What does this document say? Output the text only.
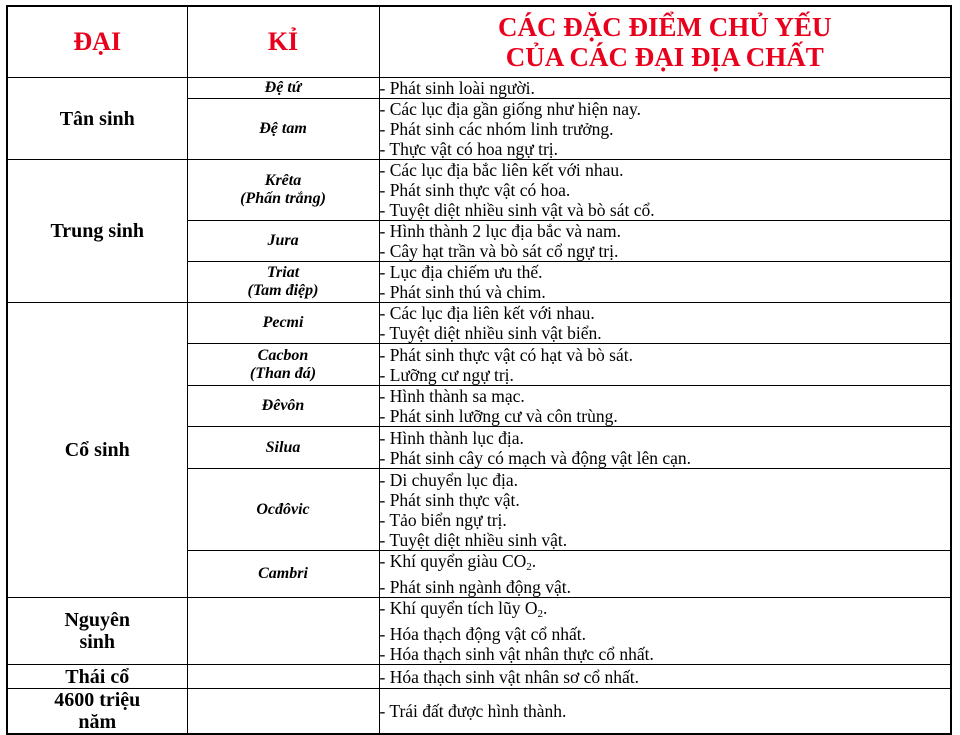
ĐẠI	KỈ	CÁC ĐẶC ĐIỂM CHỦ YẾU
CỦA CÁC ĐẠI ĐỊA CHẤT

Tân sinh	Đệ tứ	- Phát sinh loài người.

	Đệ tam	- Các lục địa gần giống như hiện nay.
- Phát sinh các nhóm linh trưởng.
- Thực vật có hoa ngự trị.

Trung sinh	Krêta
(Phấn trắng)	- Các lục địa bắc liên kết với nhau.
- Phát sinh thực vật có hoa.
- Tuyệt diệt nhiều sinh vật và bò sát cổ.

	Jura	- Hình thành 2 lục địa bắc và nam.
- Cây hạt trần và bò sát cổ ngự trị.

	Triat
(Tam điệp)	- Lục địa chiếm ưu thế.
- Phát sinh thú và chim.

Cổ sinh	Pecmi	- Các lục địa liên kết với nhau.
- Tuyệt diệt nhiều sinh vật biển.

	Cacbon
(Than đá)	- Phát sinh thực vật có hạt và bò sát.
- Lưỡng cư ngự trị.

	Đêvôn	- Hình thành sa mạc.
- Phát sinh lưỡng cư và côn trùng.

	Silua	- Hình thành lục địa.
- Phát sinh cây có mạch và động vật lên cạn.

	Ocđôvic	- Di chuyển lục địa.
- Phát sinh thực vật.
- Tảo biển ngự trị.
- Tuyệt diệt nhiều sinh vật.

	Cambri	- Khí quyển giàu $CO_2$.
- Phát sinh ngành động vật.

Nguyên
sinh		- Khí quyển tích lũy $O_2$.
- Hóa thạch động vật cổ nhất.
- Hóa thạch sinh vật nhân thực cổ nhất.

Thái cổ		- Hóa thạch sinh vật nhân sơ cổ nhất.

4600 triệu
năm		- Trái đất được hình thành.
